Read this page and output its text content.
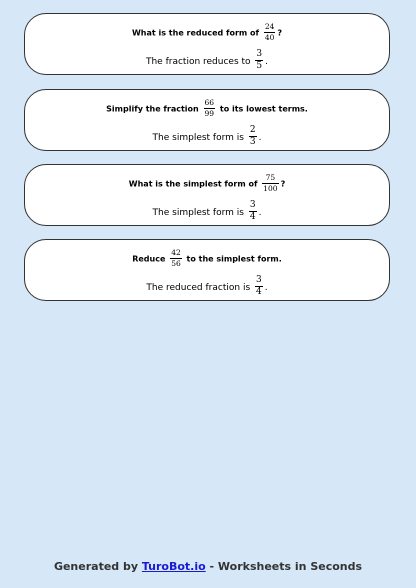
What is the reduced form of $\frac{24}{40}$ ?
The fraction reduces to $\frac{3}{5}$ .
Simplify the fraction $\frac{66}{99}$ to its lowest terms.
The simplest form is $\frac{2}{3}$ .
What is the simplest form of $\frac{75}{100}$ ?
The simplest form is $\frac{3}{4}$ .
Reduce $\frac{42}{56}$ to the simplest form.
The reduced fraction is $\frac{3}{4}$ .
Generated by TuroBot.io - Worksheets in Seconds
